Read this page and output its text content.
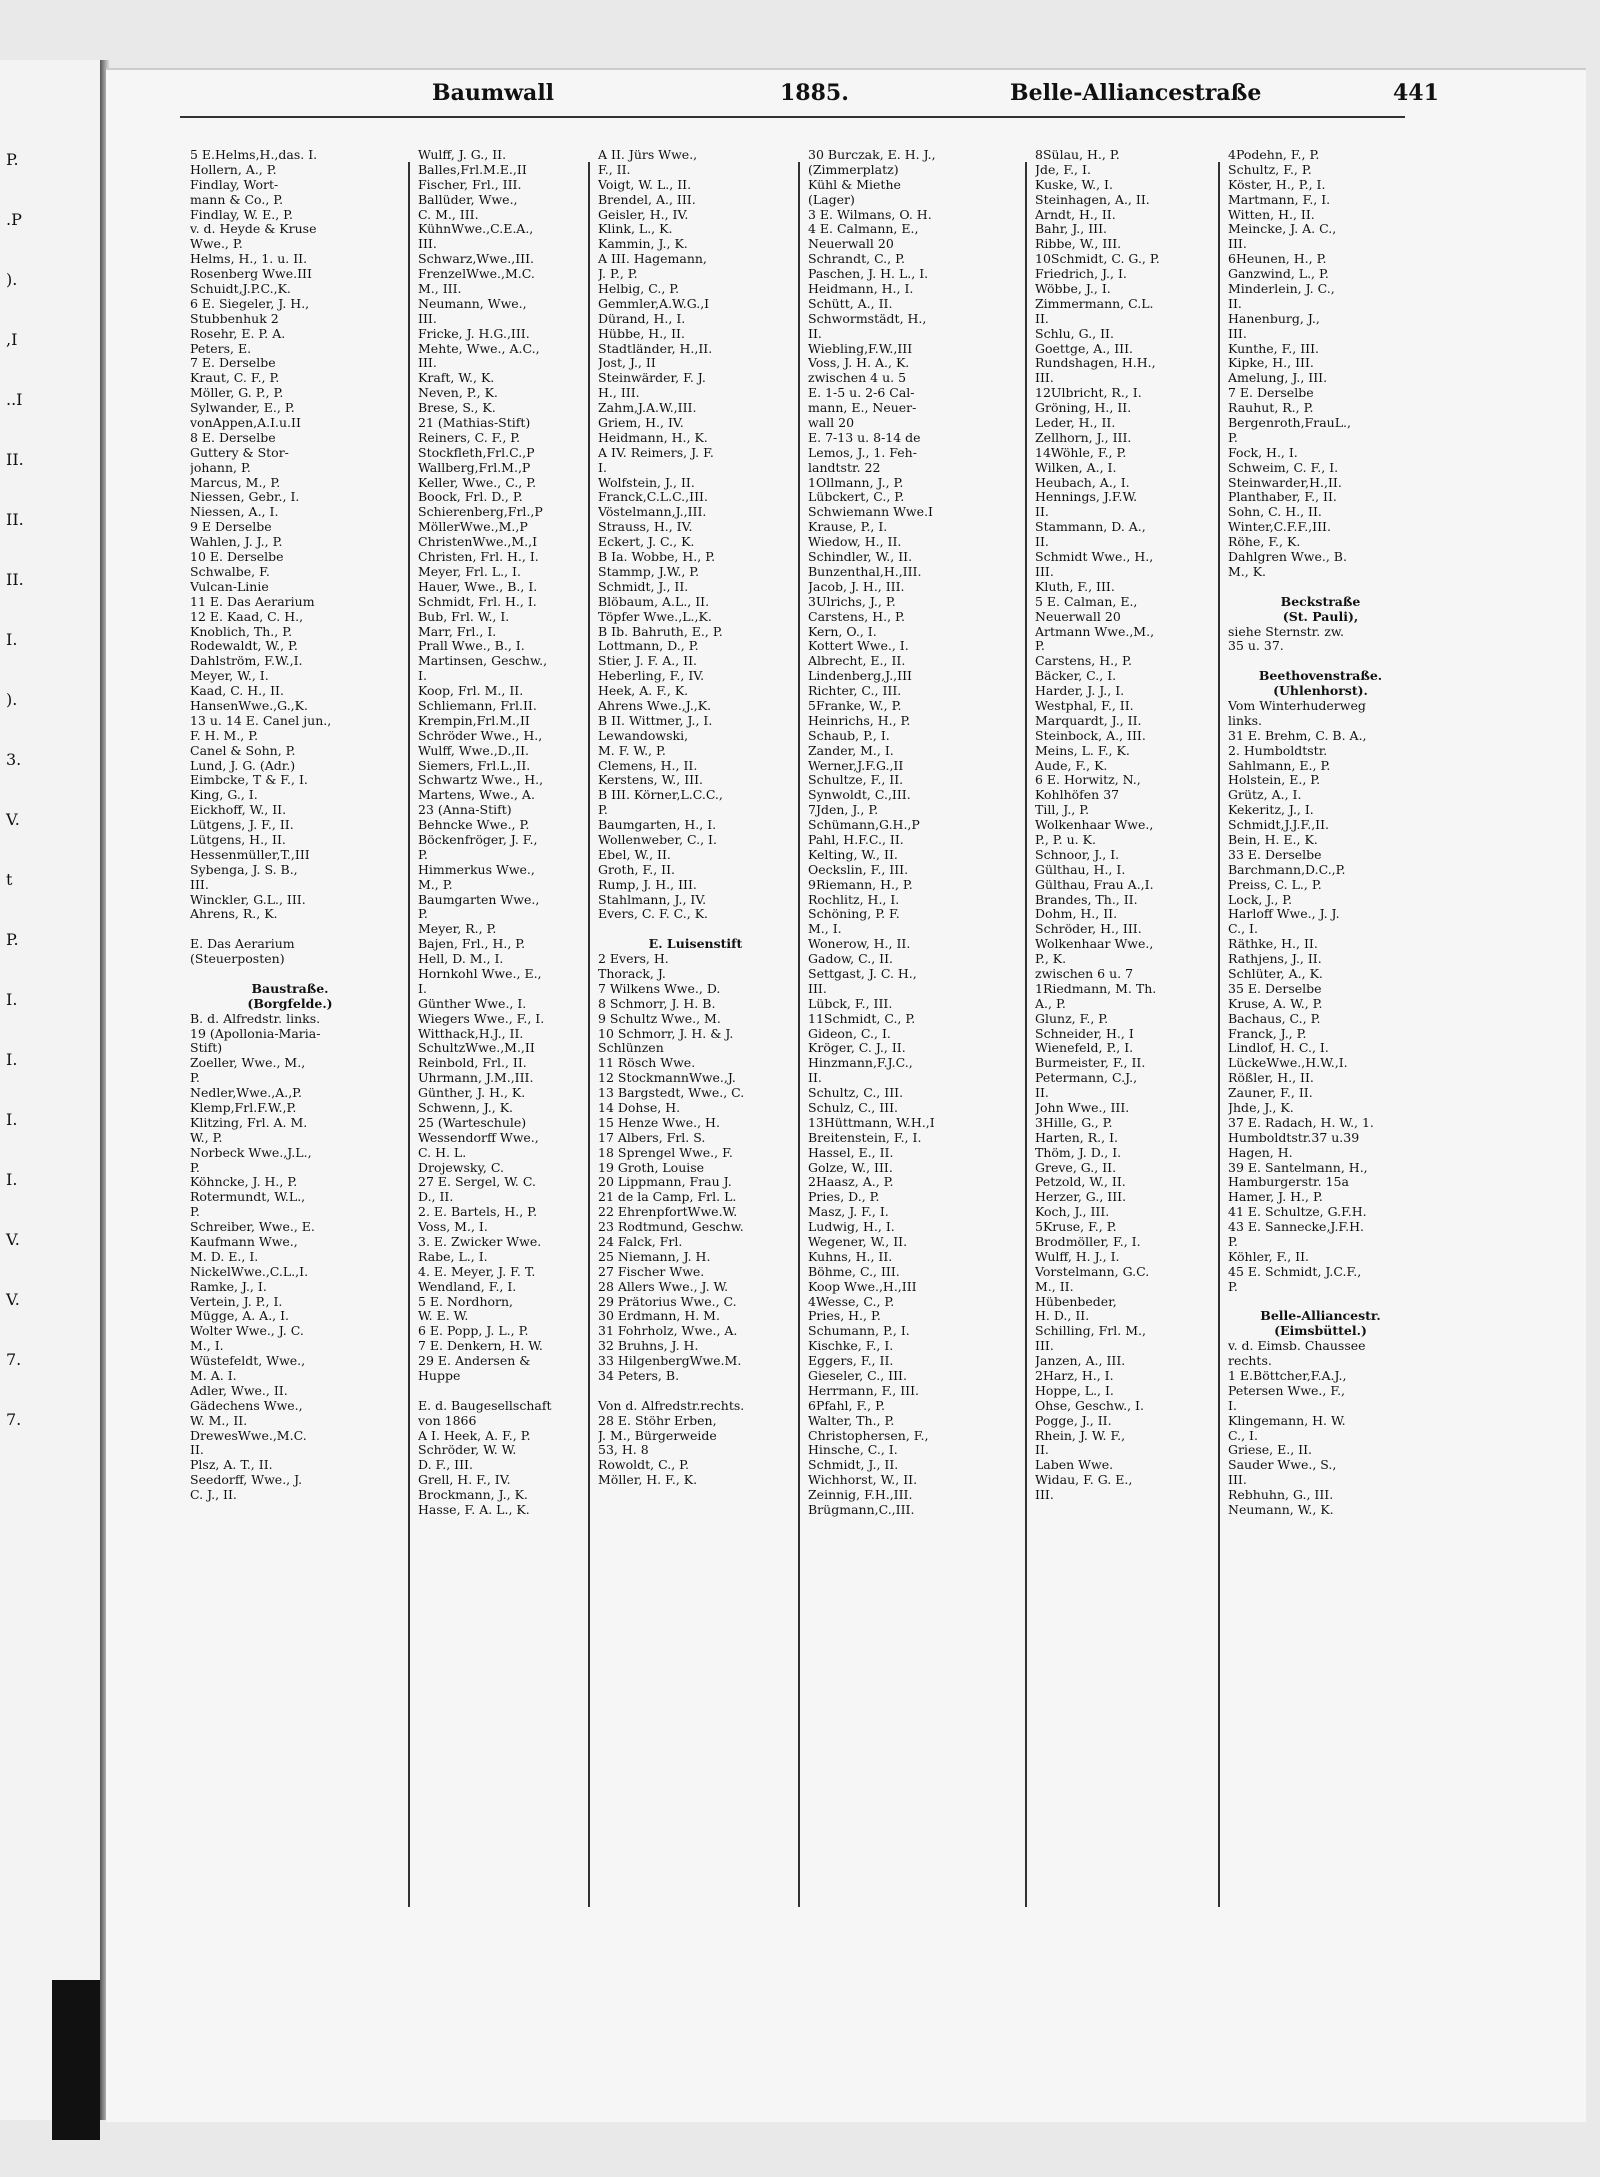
P.
.P
).
,I
..I
II.
II.
II.
I.
).
3.
V.
t
P.
I.
I.
I.
I.
V.
V.
7.
7.
Baumwall	1885.	Belle-Alliancestraße	441
5 E.Helms,H.,das. I.
Hollern, A., P.
Findlay, Wort-
mann & Co., P.
Findlay, W. E., P.
v. d. Heyde & Kruse
Wwe., P.
Helms, H., 1. u. II.
Rosenberg Wwe.III
Schuidt,J.P.C.,K.
6 E. Siegeler, J. H.,
Stubbenhuk 2
Rosehr, E. P. A.
Peters, E.
7 E. Derselbe
Kraut, C. F., P.
Möller, G. P., P.
Sylwander, E., P.
vonAppen,A.I.u.II
8 E. Derselbe
Guttery & Stor-
johann, P.
Marcus, M., P.
Niessen, Gebr., I.
Niessen, A., I.
9 E Derselbe
Wahlen, J. J., P.
10 E. Derselbe
Schwalbe, F.
Vulcan-Linie
11 E. Das Aerarium
12 E. Kaad, C. H.,
Knoblich, Th., P.
Rodewaldt, W., P.
Dahlström, F.W.,I.
Meyer, W., I.
Kaad, C. H., II.
HansenWwe.,G.,K.
13 u. 14 E. Canel jun.,
F. H. M., P.
Canel & Sohn, P.
Lund, J. G. (Adr.)
Eimbcke, T & F., I.
King, G., I.
Eickhoff, W., II.
Lütgens, J. F., II.
Lütgens, H., II.
Hessenmüller,T.,III
Sybenga, J. S. B.,
III.
Winckler, G.L., III.
Ahrens, R., K.
E. Das Aerarium
(Steuerposten)
Baustraße.
(Borgfelde.)
B. d. Alfredstr. links.
19 (Apollonia-Maria-
Stift)
Zoeller, Wwe., M.,
P.
Nedler,Wwe.,A.,P.
Klemp,Frl.F.W.,P.
Klitzing, Frl. A. M.
W., P.
Norbeck Wwe.,J.L.,
P.
Köhncke, J. H., P.
Rotermundt, W.L.,
P.
Schreiber, Wwe., E.
Kaufmann Wwe.,
M. D. E., I.
NickelWwe.,C.L.,I.
Ramke, J., I.
Vertein, J. P., I.
Mügge, A. A., I.
Wolter Wwe., J. C.
M., I.
Wüstefeldt, Wwe.,
M. A. I.
Adler, Wwe., II.
Gädechens Wwe.,
W. M., II.
DrewesWwe.,M.C.
II.
Plsz, A. T., II.
Seedorff, Wwe., J.
C. J., II.
Wulff, J. G., II.
Balles,Frl.M.E.,II
Fischer, Frl., III.
Ballüder, Wwe.,
C. M., III.
KühnWwe.,C.E.A.,
III.
Schwarz,Wwe.,III.
FrenzelWwe.,M.C.
M., III.
Neumann, Wwe.,
III.
Fricke, J. H.G.,III.
Mehte, Wwe., A.C.,
III.
Kraft, W., K.
Neven, P., K.
Brese, S., K.
21 (Mathias-Stift)
Reiners, C. F., P.
Stockfleth,Frl.C.,P
Wallberg,Frl.M.,P
Keller, Wwe., C., P.
Boock, Frl. D., P.
Schierenberg,Frl.,P
MöllerWwe.,M.,P
ChristenWwe.,M.,I
Christen, Frl. H., I.
Meyer, Frl. L., I.
Hauer, Wwe., B., I.
Schmidt, Frl. H., I.
Bub, Frl. W., I.
Marr, Frl., I.
Prall Wwe., B., I.
Martinsen, Geschw.,
I.
Koop, Frl. M., II.
Schliemann, Frl.II.
Krempin,Frl.M.,II
Schröder Wwe., H.,
Wulff, Wwe.,D.,II.
Siemers, Frl.L.,II.
Schwartz Wwe., H.,
Martens, Wwe., A.
23 (Anna-Stift)
Behncke Wwe., P.
Böckenfröger, J. F.,
P.
Himmerkus Wwe.,
M., P.
Baumgarten Wwe.,
P.
Meyer, R., P.
Bajen, Frl., H., P.
Hell, D. M., I.
Hornkohl Wwe., E.,
I.
Günther Wwe., I.
Wiegers Wwe., F., I.
Witthack,H.J., II.
SchultzWwe.,M.,II
Reinbold, Frl., II.
Uhrmann, J.M.,III.
Günther, J. H., K.
Schwenn, J., K.
25 (Warteschule)
Wessendorff Wwe.,
C. H. L.
Drojewsky, C.
27 E. Sergel, W. C.
D., II.
2. E. Bartels, H., P.
Voss, M., I.
3. E. Zwicker Wwe.
Rabe, L., I.
4. E. Meyer, J. F. T.
Wendland, F., I.
5 E. Nordhorn,
W. E. W.
6 E. Popp, J. L., P.
7 E. Denkern, H. W.
29 E. Andersen &
Huppe
E. d. Baugesellschaft
von 1866
A I. Heek, A. F., P.
Schröder, W. W.
D. F., III.
Grell, H. F., IV.
Brockmann, J., K.
Hasse, F. A. L., K.
A II. Jürs Wwe.,
F., II.
Voigt, W. L., II.
Brendel, A., III.
Geisler, H., IV.
Klink, L., K.
Kammin, J., K.
A III. Hagemann,
J. P., P.
Helbig, C., P.
Gemmler,A.W.G.,I
Dürand, H., I.
Hübbe, H., II.
Stadtländer, H.,II.
Jost, J., II
Steinwärder, F. J.
H., III.
Zahm,J.A.W.,III.
Griem, H., IV.
Heidmann, H., K.
A IV. Reimers, J. F.
I.
Wolfstein, J., II.
Franck,C.L.C.,III.
Vöstelmann,J.,III.
Strauss, H., IV.
Eckert, J. C., K.
B Ia. Wobbe, H., P.
Stammp, J.W., P.
Schmidt, J., II.
Blöbaum, A.L., II.
Töpfer Wwe.,L.,K.
B Ib. Bahruth, E., P.
Lottmann, D., P.
Stier, J. F. A., II.
Heberling, F., IV.
Heek, A. F., K.
Ahrens Wwe.,J.,K.
B II. Wittmer, J., I.
Lewandowski,
M. F. W., P.
Clemens, H., II.
Kerstens, W., III.
B III. Körner,L.C.C.,
P.
Baumgarten, H., I.
Wollenweber, C., I.
Ebel, W., II.
Groth, F., II.
Rump, J. H., III.
Stahlmann, J., IV.
Evers, C. F. C., K.
E. Luisenstift
2 Evers, H.
Thorack, J.
7 Wilkens Wwe., D.
8 Schmorr, J. H. B.
9 Schultz Wwe., M.
10 Schmorr, J. H. & J.
Schlünzen
11 Rösch Wwe.
12 StockmannWwe.,J.
13 Bargstedt, Wwe., C.
14 Dohse, H.
15 Henze Wwe., H.
17 Albers, Frl. S.
18 Sprengel Wwe., F.
19 Groth, Louise
20 Lippmann, Frau J.
21 de la Camp, Frl. L.
22 EhrenpfortWwe.W.
23 Rodtmund, Geschw.
24 Falck, Frl.
25 Niemann, J. H.
27 Fischer Wwe.
28 Allers Wwe., J. W.
29 Prätorius Wwe., C.
30 Erdmann, H. M.
31 Fohrholz, Wwe., A.
32 Bruhns, J. H.
33 HilgenbergWwe.M.
34 Peters, B.
Von d. Alfredstr.rechts.
28 E. Stöhr Erben,
J. M., Bürgerweide
53, H. 8
Rowoldt, C., P.
Möller, H. F., K.
30 Burczak, E. H. J.,
(Zimmerplatz)
Kühl & Miethe
(Lager)
3 E. Wilmans, O. H.
4 E. Calmann, E.,
Neuerwall 20
Schrandt, C., P.
Paschen, J. H. L., I.
Heidmann, H., I.
Schütt, A., II.
Schwormstädt, H.,
II.
Wiebling,F.W.,III
Voss, J. H. A., K.
zwischen 4 u. 5
E. 1-5 u. 2-6 Cal-
mann, E., Neuer-
wall 20
E. 7-13 u. 8-14 de
Lemos, J., 1. Feh-
landtstr. 22
1Ollmann, J., P.
Lübckert, C., P.
Schwiemann Wwe.I
Krause, P., I.
Wiedow, H., II.
Schindler, W., II.
Bunzenthal,H.,III.
Jacob, J. H., III.
3Ulrichs, J., P.
Carstens, H., P.
Kern, O., I.
Kottert Wwe., I.
Albrecht, E., II.
Lindenberg,J.,III
Richter, C., III.
5Franke, W., P.
Heinrichs, H., P.
Schaub, P., I.
Zander, M., I.
Werner,J.F.G.,II
Schultze, F., II.
Synwoldt, C.,III.
7Jden, J., P.
Schümann,G.H.,P
Pahl, H.F.C., II.
Kelting, W., II.
Oeckslin, F., III.
9Riemann, H., P.
Rochlitz, H., I.
Schöning, P. F.
M., I.
Wonerow, H., II.
Gadow, C., II.
Settgast, J. C. H.,
III.
Lübck, F., III.
11Schmidt, C., P.
Gideon, C., I.
Kröger, C. J., II.
Hinzmann,F.J.C.,
II.
Schultz, C., III.
Schulz, C., III.
13Hüttmann, W.H.,I
Breitenstein, F., I.
Hassel, E., II.
Golze, W., III.
2Haasz, A., P.
Pries, D., P.
Masz, J. F., I.
Ludwig, H., I.
Wegener, W., II.
Kuhns, H., II.
Böhme, C., III.
Koop Wwe.,H.,III
4Wesse, C., P.
Pries, H., P.
Schumann, P., I.
Kischke, F., I.
Eggers, F., II.
Gieseler, C., III.
Herrmann, F., III.
6Pfahl, F., P.
Walter, Th., P.
Christophersen, F.,
Hinsche, C., I.
Schmidt, J., II.
Wichhorst, W., II.
Zeinnig, F.H.,III.
Brügmann,C.,III.
8Sülau, H., P.
Jde, F., I.
Kuske, W., I.
Steinhagen, A., II.
Arndt, H., II.
Bahr, J., III.
Ribbe, W., III.
10Schmidt, C. G., P.
Friedrich, J., I.
Wöbbe, J., I.
Zimmermann, C.L.
II.
Schlu, G., II.
Goettge, A., III.
Rundshagen, H.H.,
III.
12Ulbricht, R., I.
Gröning, H., II.
Leder, H., II.
Zellhorn, J., III.
14Wöhle, F., P.
Wilken, A., I.
Heubach, A., I.
Hennings, J.F.W.
II.
Stammann, D. A.,
II.
Schmidt Wwe., H.,
III.
Kluth, F., III.
5 E. Calman, E.,
Neuerwall 20
Artmann Wwe.,M.,
P.
Carstens, H., P.
Bäcker, C., I.
Harder, J. J., I.
Westphal, F., II.
Marquardt, J., II.
Steinbock, A., III.
Meins, L. F., K.
Aude, F., K.
6 E. Horwitz, N.,
Kohlhöfen 37
Till, J., P.
Wolkenhaar Wwe.,
P., P. u. K.
Schnoor, J., I.
Gülthau, H., I.
Gülthau, Frau A.,I.
Brandes, Th., II.
Dohm, H., II.
Schröder, H., III.
Wolkenhaar Wwe.,
P., K.
zwischen 6 u. 7
1Riedmann, M. Th.
A., P.
Glunz, F., P.
Schneider, H., I
Wienefeld, P., I.
Burmeister, F., II.
Petermann, C.J.,
II.
John Wwe., III.
3Hille, G., P.
Harten, R., I.
Thöm, J. D., I.
Greve, G., II.
Petzold, W., II.
Herzer, G., III.
Koch, J., III.
5Kruse, F., P.
Brodmöller, F., I.
Wulff, H. J., I.
Vorstelmann, G.C.
M., II.
Hübenbeder,
H. D., II.
Schilling, Frl. M.,
III.
Janzen, A., III.
2Harz, H., I.
Hoppe, L., I.
Ohse, Geschw., I.
Pogge, J., II.
Rhein, J. W. F.,
II.
Laben Wwe.
Widau, F. G. E.,
III.
4Podehn, F., P.
Schultz, F., P.
Köster, H., P., I.
Martmann, F., I.
Witten, H., II.
Meincke, J. A. C.,
III.
6Heunen, H., P.
Ganzwind, L., P.
Minderlein, J. C.,
II.
Hanenburg, J.,
III.
Kunthe, F., III.
Kipke, H., III.
Amelung, J., III.
7 E. Derselbe
Rauhut, R., P.
Bergenroth,FrauL.,
P.
Fock, H., I.
Schweim, C. F., I.
Steinwarder,H.,II.
Planthaber, F., II.
Sohn, C. H., II.
Winter,C.F.F.,III.
Röhe, F., K.
Dahlgren Wwe., B.
M., K.
Beckstraße
(St. Pauli),
siehe Sternstr. zw.
35 u. 37.
Beethovenstraße.
(Uhlenhorst).
Vom Winterhuderweg
links.
31 E. Brehm, C. B. A.,
2. Humboldtstr.
Sahlmann, E., P.
Holstein, E., P.
Grütz, A., I.
Kekeritz, J., I.
Schmidt,J.J.F.,II.
Bein, H. E., K.
33 E. Derselbe
Barchmann,D.C.,P.
Preiss, C. L., P.
Lock, J., P.
Harloff Wwe., J. J.
C., I.
Räthke, H., II.
Rathjens, J., II.
Schlüter, A., K.
35 E. Derselbe
Kruse, A. W., P.
Bachaus, C., P.
Franck, J., P.
Lindlof, H. C., I.
LückeWwe.,H.W.,I.
Rößler, H., II.
Zauner, F., II.
Jhde, J., K.
37 E. Radach, H. W., 1.
Humboldtstr.37 u.39
Hagen, H.
39 E. Santelmann, H.,
Hamburgerstr. 15a
Hamer, J. H., P.
41 E. Schultze, G.F.H.
43 E. Sannecke,J.F.H.
P.
Köhler, F., II.
45 E. Schmidt, J.C.F.,
P.
Belle-Alliancestr.
(Eimsbüttel.)
v. d. Eimsb. Chaussee
rechts.
1 E.Böttcher,F.A.J.,
Petersen Wwe., F.,
I.
Klingemann, H. W.
C., I.
Griese, E., II.
Sauder Wwe., S.,
III.
Rebhuhn, G., III.
Neumann, W., K.
